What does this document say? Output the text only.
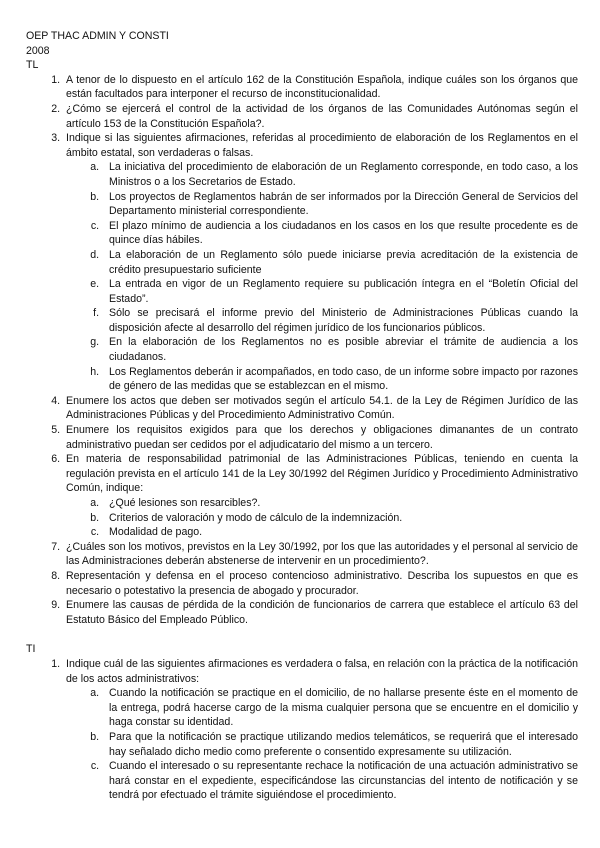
OEP THAC ADMIN Y CONSTI
2008
TL
1. A tenor de lo dispuesto en el artículo 162 de la Constitución Española, indique cuáles son los órganos que están facultados para interponer el recurso de inconstitucionalidad.
2. ¿Cómo se ejercerá el control de la actividad de los órganos de las Comunidades Autónomas según el artículo 153 de la Constitución Española?.
3. Indique si las siguientes afirmaciones, referidas al procedimiento de elaboración de los Reglamentos en el ámbito estatal, son verdaderas o falsas.
a. La iniciativa del procedimiento de elaboración de un Reglamento corresponde, en todo caso, a los Ministros o a los Secretarios de Estado.
b. Los proyectos de Reglamentos habrán de ser informados por la Dirección General de Servicios del Departamento ministerial correspondiente.
c. El plazo mínimo de audiencia a los ciudadanos en los casos en los que resulte procedente es de quince días hábiles.
d. La elaboración de un Reglamento sólo puede iniciarse previa acreditación de la existencia de crédito presupuestario suficiente
e. La entrada en vigor de un Reglamento requiere su publicación íntegra en el “Boletín Oficial del Estado”.
f. Sólo se precisará el informe previo del Ministerio de Administraciones Públicas cuando la disposición afecte al desarrollo del régimen jurídico de los funcionarios públicos.
g. En la elaboración de los Reglamentos no es posible abreviar el trámite de audiencia a los ciudadanos.
h. Los Reglamentos deberán ir acompañados, en todo caso, de un informe sobre impacto por razones de género de las medidas que se establezcan en el mismo.
4. Enumere los actos que deben ser motivados según el artículo 54.1. de la Ley de Régimen Jurídico de las Administraciones Públicas y del Procedimiento Administrativo Común.
5. Enumere los requisitos exigidos para que los derechos y obligaciones dimanantes de un contrato administrativo puedan ser cedidos por el adjudicatario del mismo a un tercero.
6. En materia de responsabilidad patrimonial de las Administraciones Públicas, teniendo en cuenta la regulación prevista en el artículo 141 de la Ley 30/1992 del Régimen Jurídico y Procedimiento Administrativo Común, indique:
a. ¿Qué lesiones son resarcibles?.
b. Criterios de valoración y modo de cálculo de la indemnización.
c. Modalidad de pago.
7. ¿Cuáles son los motivos, previstos en la Ley 30/1992, por los que las autoridades y el personal al servicio de las Administraciones deberán abstenerse de intervenir en un procedimiento?.
8. Representación y defensa en el proceso contencioso administrativo. Describa los supuestos en que es necesario o potestativo la presencia de abogado y procurador.
9. Enumere las causas de pérdida de la condición de funcionarios de carrera que establece el artículo 63 del Estatuto Básico del Empleado Público.
TI
1. Indique cuál de las siguientes afirmaciones es verdadera o falsa, en relación con la práctica de la notificación de los actos administrativos:
a. Cuando la notificación se practique en el domicilio, de no hallarse presente éste en el momento de la entrega, podrá hacerse cargo de la misma cualquier persona que se encuentre en el domicilio y haga constar su identidad.
b. Para que la notificación se practique utilizando medios telemáticos, se requerirá que el interesado hay señalado dicho medio como preferente o consentido expresamente su utilización.
c. Cuando el interesado o su representante rechace la notificación de una actuación administrativo se hará constar en el expediente, especificándose las circunstancias del intento de notificación y se tendrá por efectuado el trámite siguiéndose el procedimiento.
